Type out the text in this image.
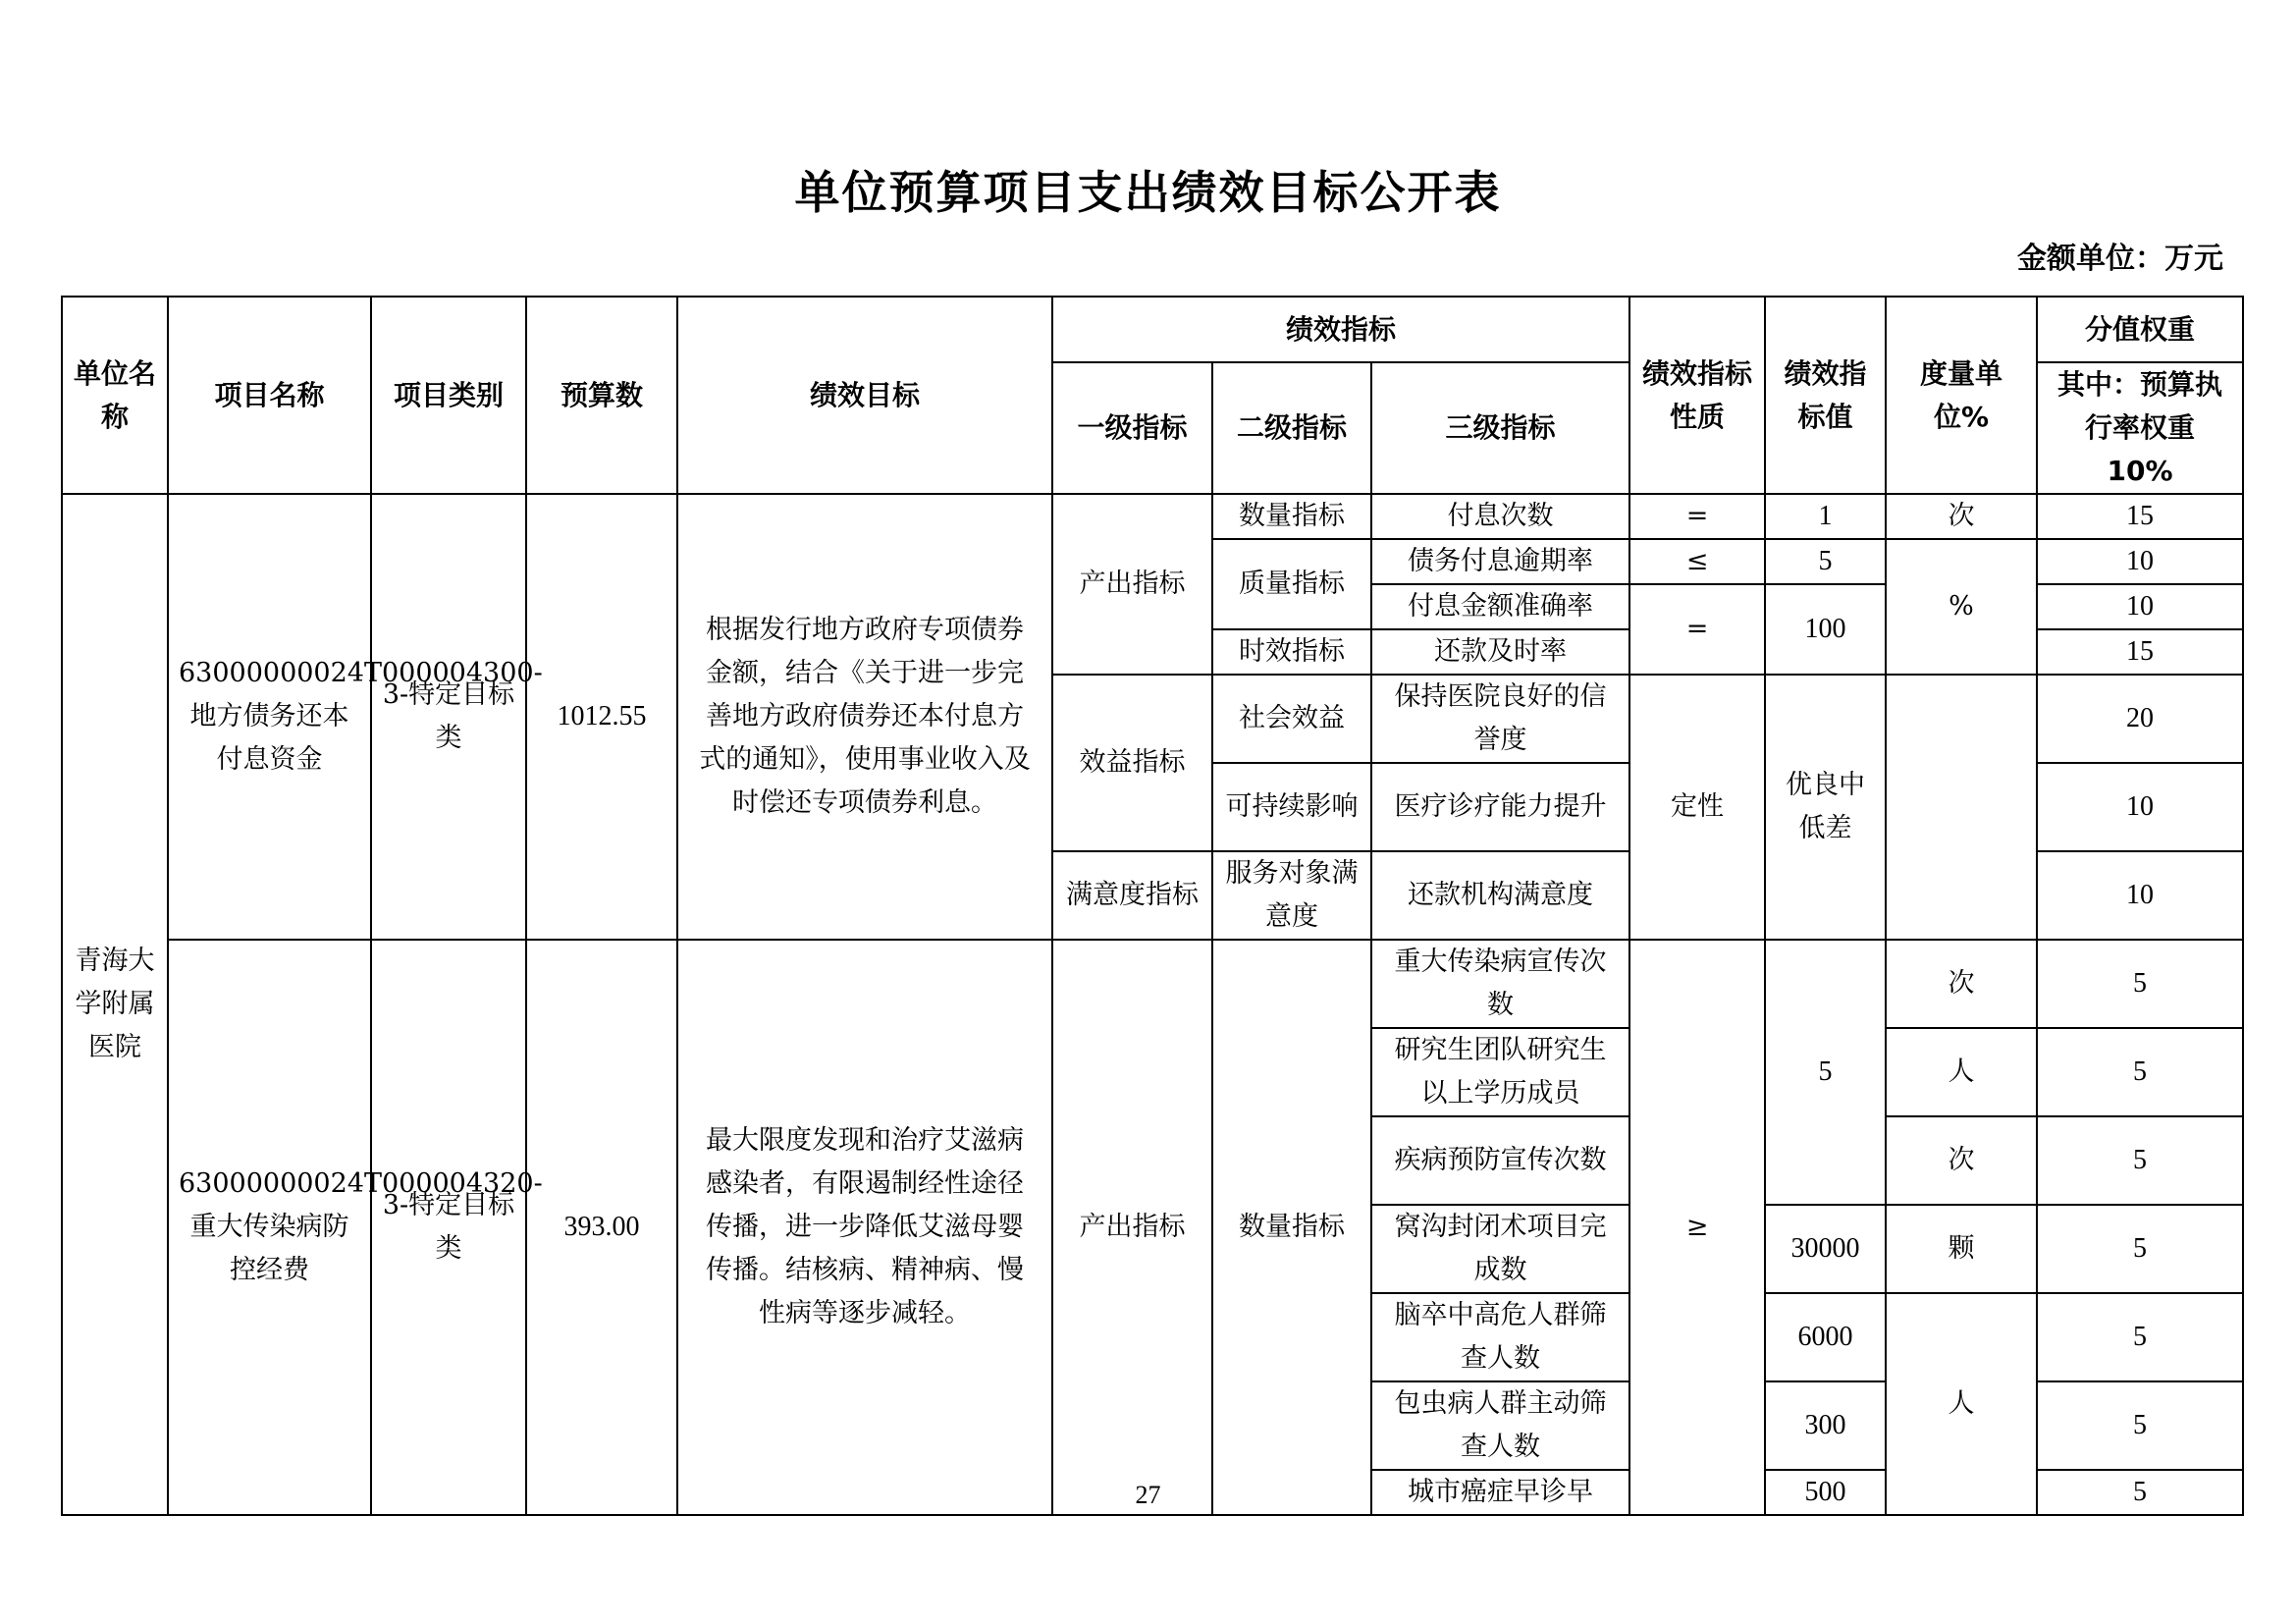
单位预算项目支出绩效目标公开表
金额单位：万元
单位名称	项目名称	项目类别	预算数	绩效目标	绩效指标			绩效指标性质	绩效指标值	度量单位%	分值权重
					一级指标	二级指标	三级指标				其中：预算执行率权重 10%
青海大学附属医院	63000000024T000004300-地方债务还本付息资金	3-特定目标类	1012.55	根据发行地方政府专项债券金额，结合《关于进一步完善地方政府债券还本付息方式的通知》，使用事业收入及时偿还专项债券利息。	产出指标	数量指标	付息次数	=	1	次	15
						质量指标	债务付息逾期率	≤	5	%	10
							付息金额准确率	=	100		10
						时效指标	还款及时率				15
					效益指标	社会效益	保持医院良好的信誉度	定性	优良中低差		20
						可持续影响	医疗诊疗能力提升				10
					满意度指标	服务对象满意度	还款机构满意度				10
	63000000024T000004320-重大传染病防控经费	3-特定目标类	393.00	最大限度发现和治疗艾滋病感染者，有限遏制经性途径传播，进一步降低艾滋母婴传播。结核病、精神病、慢性病等逐步减轻。	产出指标	数量指标	重大传染病宣传次数	≥	5	次	5
							研究生团队研究生以上学历成员			人	5
							疾病预防宣传次数			次	5
							窝沟封闭术项目完成数		30000	颗	5
							脑卒中高危人群筛查人数		6000	人	5
							包虫病人群主动筛查人数		300		5
							城市癌症早诊早		500		5
27
